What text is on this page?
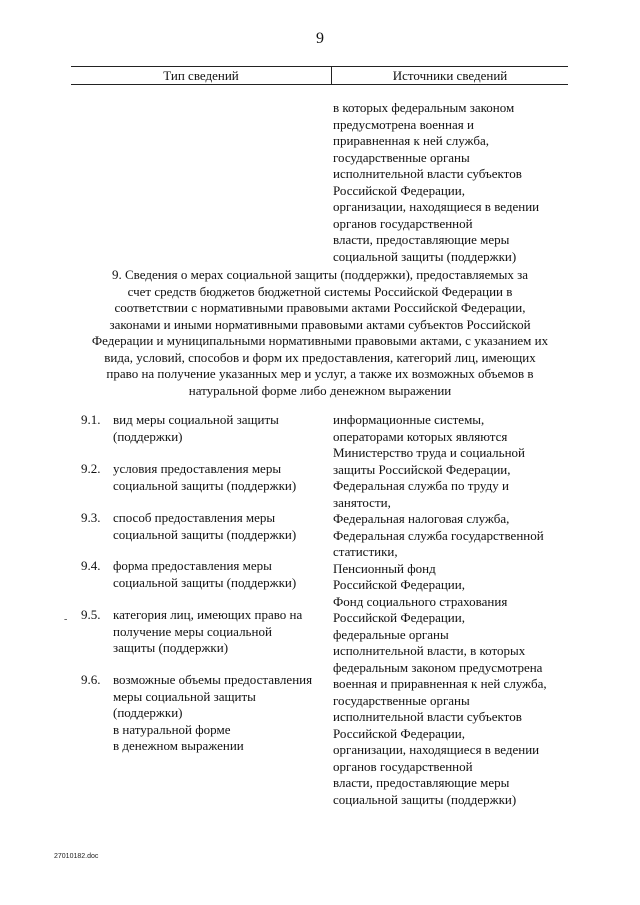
9
Тип сведений	Источники сведений
в которых федеральным законом
предусмотрена военная и
приравненная к ней служба,
государственные органы
исполнительной власти субъектов
Российской Федерации,
организации, находящиеся в ведении
органов государственной
власти, предоставляющие меры
социальной защиты (поддержки)
9. Сведения о мерах социальной защиты (поддержки), предоставляемых за
счет средств бюджетов бюджетной системы Российской Федерации в
соответствии с нормативными правовыми актами Российской Федерации,
законами и иными нормативными правовыми актами субъектов Российской
Федерации и муниципальными нормативными правовыми актами, с указанием их
вида, условий, способов и форм их предоставления, категорий лиц, имеющих
право на получение указанных мер и услуг, а также их возможных объемов в
натуральной форме либо денежном выражении
9.1. вид меры социальной защиты
(поддержки)
9.2. условия предоставления меры
социальной защиты (поддержки)
9.3. способ предоставления меры
социальной защиты (поддержки)
9.4. форма предоставления меры
социальной защиты (поддержки)
9.5. категория лиц, имеющих право на
получение меры социальной
защиты (поддержки)
9.6. возможные объемы предоставления
меры социальной защиты
(поддержки)
в натуральной форме
в денежном выражении
информационные системы,
операторами которых являются
Министерство труда и социальной
защиты Российской Федерации,
Федеральная служба по труду и
занятости,
Федеральная налоговая служба,
Федеральная служба государственной
статистики,
Пенсионный фонд
Российской Федерации,
Фонд социального страхования
Российской Федерации,
федеральные органы
исполнительной власти, в которых
федеральным законом предусмотрена
военная и приравненная к ней служба,
государственные органы
исполнительной власти субъектов
Российской Федерации,
организации, находящиеся в ведении
органов государственной
власти, предоставляющие меры
социальной защиты (поддержки)
-
27010182.doc
